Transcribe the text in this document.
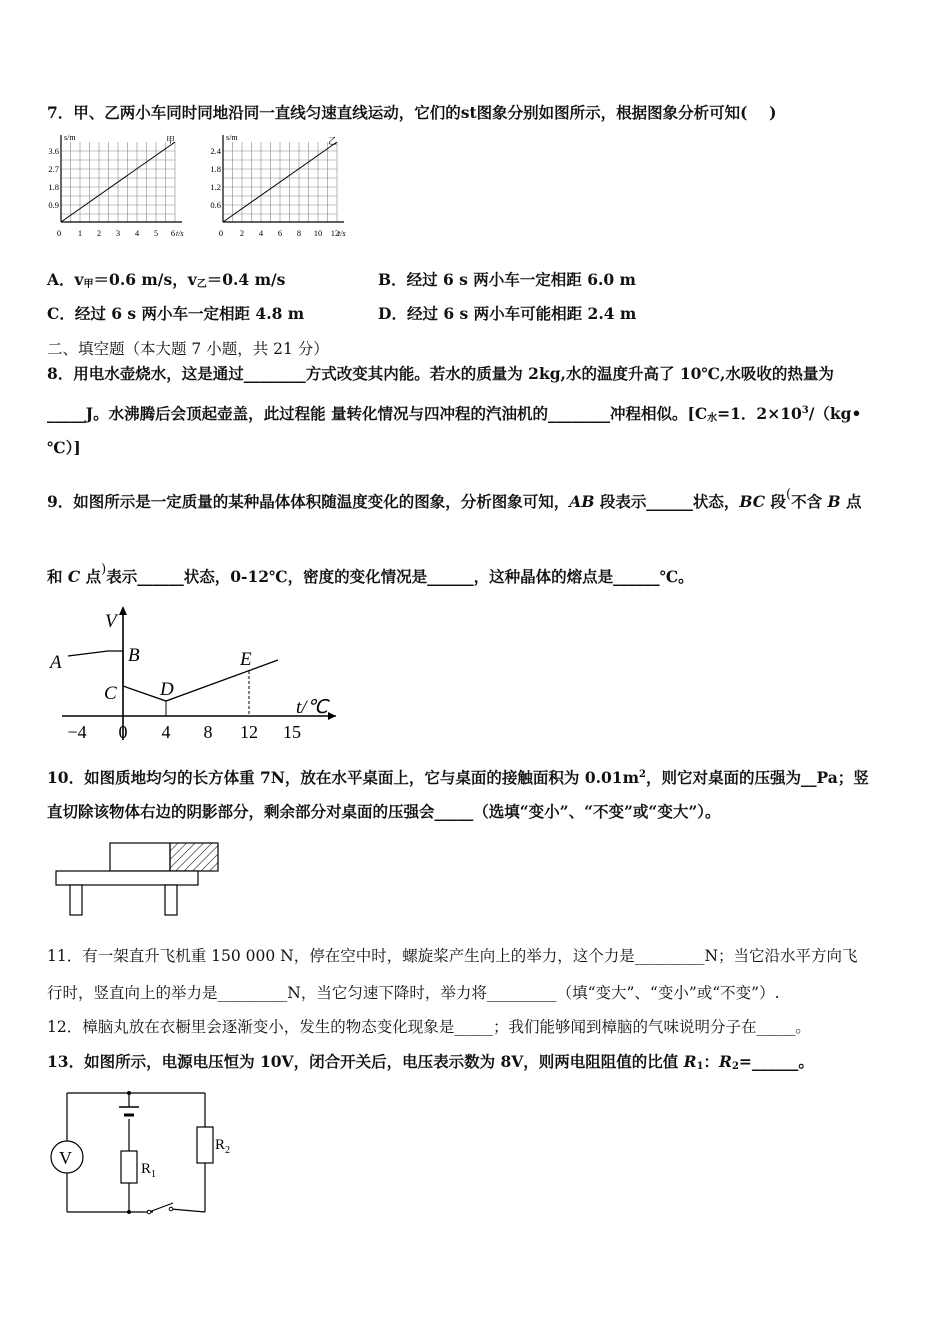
7．甲、乙两小车同时同地沿同一直线匀速直线运动，它们的st图象分别如图所示，根据图象分析可知(    )
s/m	甲
t/s
3.6
2.7
1.8
0.9
0 1 2 3 4 5 6
s/m	乙
t/s
2.4
1.8
1.2
0.6
0 2 4 6 8 10 12
A．$v_甲=0.6$ m/s，$v_乙=0.4$ m/s	B．经过 6 s 两小车一定相距 6.0 m
C．经过 6 s 两小车一定相距 4.8 m	D．经过 6 s 两小车可能相距 2.4 m
二、填空题（本大题 7 小题，共 21 分）
8．用电水壶烧水，这是通过________方式改变其内能。若水的质量为 2kg,水的温度升高了 10℃,水吸收的热量为
_____J。水沸腾后会顶起壶盖，此过程能 量转化情况与四冲程的汽油机的________冲程相似。[$C_水=1$．$2\times 10^3/(kg•$
℃）]
9．如图所示是一定质量的某种晶体体积随温度变化的图象，分析图象可知，AB 段表示______状态，BC 段(不含 B 点
和 C 点)表示______状态，0-12℃，密度的变化情况是______，这种晶体的熔点是______℃。
V
A	B
C D
E
t/℃
−4 0 4 8 12 15
10．如图质地均匀的长方体重 7N，放在水平桌面上，它与桌面的接触面积为 $0.01m^2$，则它对桌面的压强为__Pa；竖
直切除该物体右边的阴影部分，剩余部分对桌面的压强会_____（选填“变小”、“不变”或“变大”）。
11．有一架直升飞机重 150 000 N，停在空中时，螺旋桨产生向上的举力，这个力是_________N；当它沿水平方向飞
行时，竖直向上的举力是_________N，当它匀速下降时，举力将_________（填“变大”、“变小”或“不变”）.
12．樟脑丸放在衣橱里会逐渐变小，发生的物态变化现象是_____；我们能够闻到樟脑的气味说明分子在_____。
13．如图所示，电源电压恒为 10V，闭合开关后，电压表示数为 8V，则两电阻阻值的比值 $R_1$：$R_2=\_\_\_\_\_\_$。
V
$R_1$
$R_2$
